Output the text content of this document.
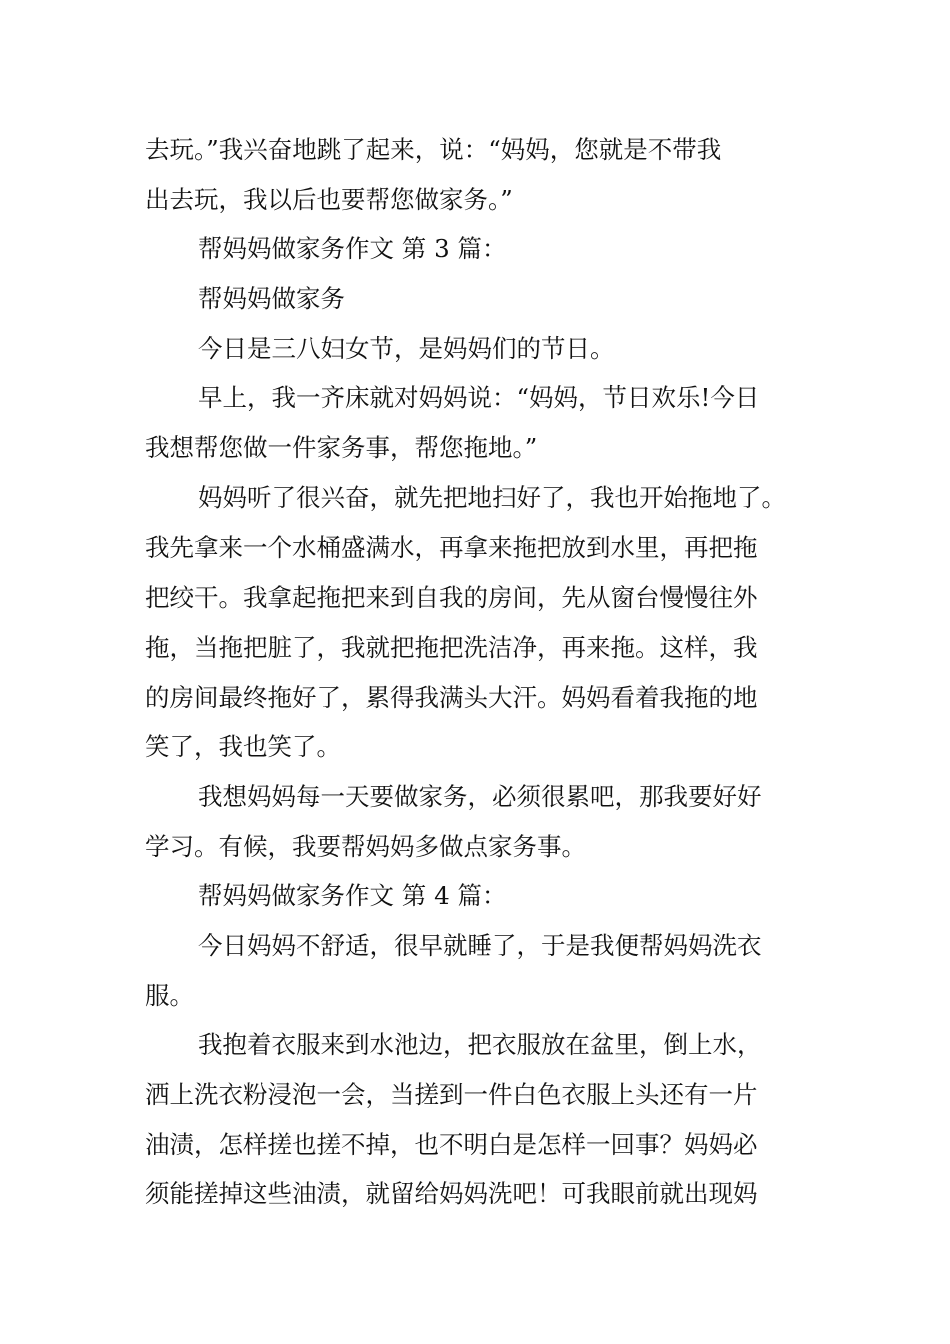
去玩。”我兴奋地跳了起来，说：“妈妈，您就是不带我
出去玩，我以后也要帮您做家务。”
帮妈妈做家务作文 第 3 篇：
帮妈妈做家务
今日是三八妇女节，是妈妈们的节日。
早上，我一齐床就对妈妈说：“妈妈，节日欢乐!今日
我想帮您做一件家务事，帮您拖地。”
妈妈听了很兴奋，就先把地扫好了，我也开始拖地了。
我先拿来一个水桶盛满水，再拿来拖把放到水里，再把拖
把绞干。我拿起拖把来到自我的房间，先从窗台慢慢往外
拖，当拖把脏了，我就把拖把洗洁净，再来拖。这样，我
的房间最终拖好了，累得我满头大汗。妈妈看着我拖的地
笑了，我也笑了。
我想妈妈每一天要做家务，必须很累吧，那我要好好
学习。有候，我要帮妈妈多做点家务事。
帮妈妈做家务作文 第 4 篇：
今日妈妈不舒适，很早就睡了，于是我便帮妈妈洗衣
服。
我抱着衣服来到水池边，把衣服放在盆里，倒上水，
洒上洗衣粉浸泡一会，当搓到一件白色衣服上头还有一片
油渍，怎样搓也搓不掉，也不明白是怎样一回事？妈妈必
须能搓掉这些油渍，就留给妈妈洗吧！可我眼前就出现妈
